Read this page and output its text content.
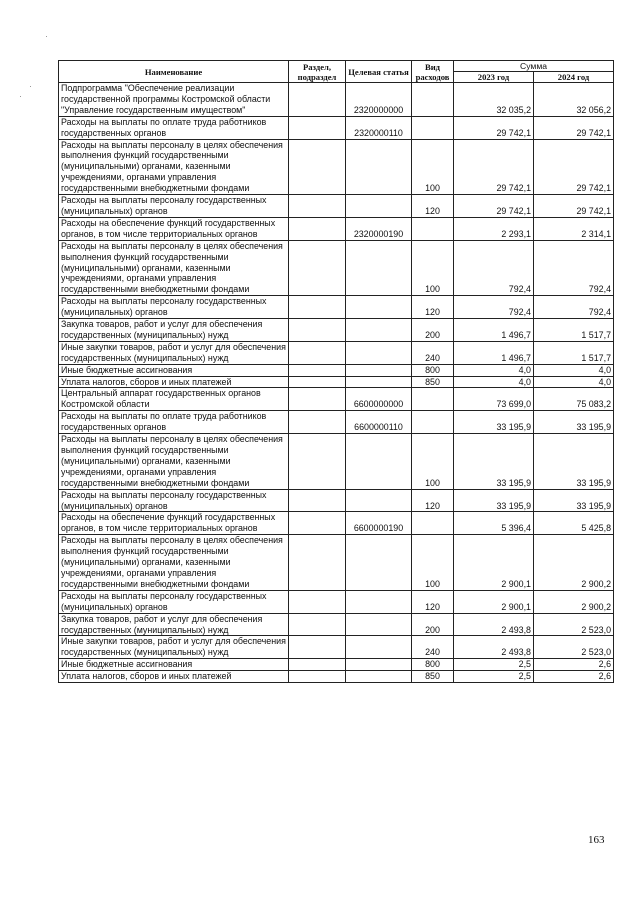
Наименование	Раздел, подраздел	Целевая статья	Вид расходов	Сумма	
				2023 год	2024 год
Подпрограмма "Обеспечение реализации государственной программы Костромской области "Управление государственным имуществом"		2320000000		32 035,2	32 056,2
Расходы на выплаты по оплате труда работников государственных органов		2320000110		29 742,1	29 742,1
Расходы на выплаты персоналу в целях обеспечения выполнения функций государственными (муниципальными) органами, казенными учреждениями, органами управления государственными внебюджетными фондами			100	29 742,1	29 742,1
Расходы на выплаты персоналу государственных (муниципальных) органов			120	29 742,1	29 742,1
Расходы на обеспечение функций государственных органов, в том числе территориальных органов		2320000190		2 293,1	2 314,1
Расходы на выплаты персоналу в целях обеспечения выполнения функций государственными (муниципальными) органами, казенными учреждениями, органами управления государственными внебюджетными фондами			100	792,4	792,4
Расходы на выплаты персоналу государственных (муниципальных) органов			120	792,4	792,4
Закупка товаров, работ и услуг для обеспечения государственных (муниципальных) нужд			200	1 496,7	1 517,7
Иные закупки товаров, работ и услуг для обеспечения государственных (муниципальных) нужд			240	1 496,7	1 517,7
Иные бюджетные ассигнования			800	4,0	4,0
Уплата налогов, сборов и иных платежей			850	4,0	4,0
Центральный аппарат государственных органов Костромской области		6600000000		73 699,0	75 083,2
Расходы на выплаты по оплате труда работников государственных органов		6600000110		33 195,9	33 195,9
Расходы на выплаты персоналу в целях обеспечения выполнения функций государственными (муниципальными) органами, казенными учреждениями, органами управления государственными внебюджетными фондами			100	33 195,9	33 195,9
Расходы на выплаты персоналу государственных (муниципальных) органов			120	33 195,9	33 195,9
Расходы на обеспечение функций государственных органов, в том числе территориальных органов		6600000190		5 396,4	5 425,8
Расходы на выплаты персоналу в целях обеспечения выполнения функций государственными (муниципальными) органами, казенными учреждениями, органами управления государственными внебюджетными фондами			100	2 900,1	2 900,2
Расходы на выплаты персоналу государственных (муниципальных) органов			120	2 900,1	2 900,2
Закупка товаров, работ и услуг для обеспечения государственных (муниципальных) нужд			200	2 493,8	2 523,0
Иные закупки товаров, работ и услуг для обеспечения государственных (муниципальных) нужд			240	2 493,8	2 523,0
Иные бюджетные ассигнования			800	2,5	2,6
Уплата налогов, сборов и иных платежей			850	2,5	2,6
163
